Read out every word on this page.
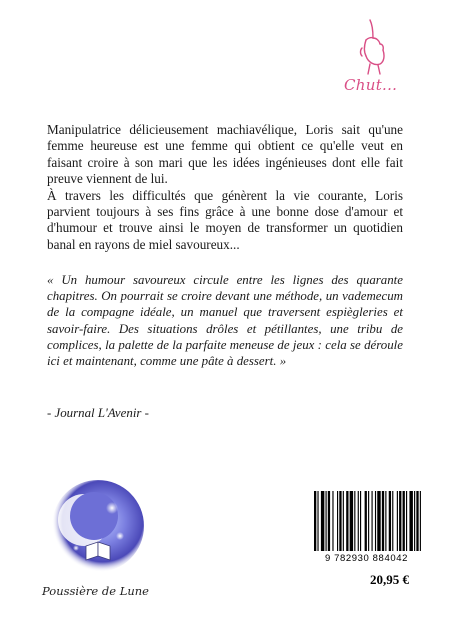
Chut...

Manipulatrice délicieusement machiavélique, Loris sait qu'une femme heureuse est une femme qui obtient ce qu'elle veut en faisant croire à son mari que les idées ingénieuses dont elle fait preuve viennent de lui.

À travers les difficultés que génèrent la vie courante, Loris parvient toujours à ses fins grâce à une bonne dose d'amour et d'humour et trouve ainsi le moyen de transformer un quotidien banal en rayons de miel savoureux...

« Un humour savoureux circule entre les lignes des quarante chapitres. On pourrait se croire devant une méthode, un vademecum de la compagne idéale, un manuel que traversent espiègleries et savoir-faire. Des situations drôles et pétillantes, une tribu de complices, la palette de la parfaite meneuse de jeux : cela se déroule ici et maintenant, comme une pâte à dessert. »

- Journal L'Avenir -
Poussière de Lune
9 782930 884042
20,95 €
